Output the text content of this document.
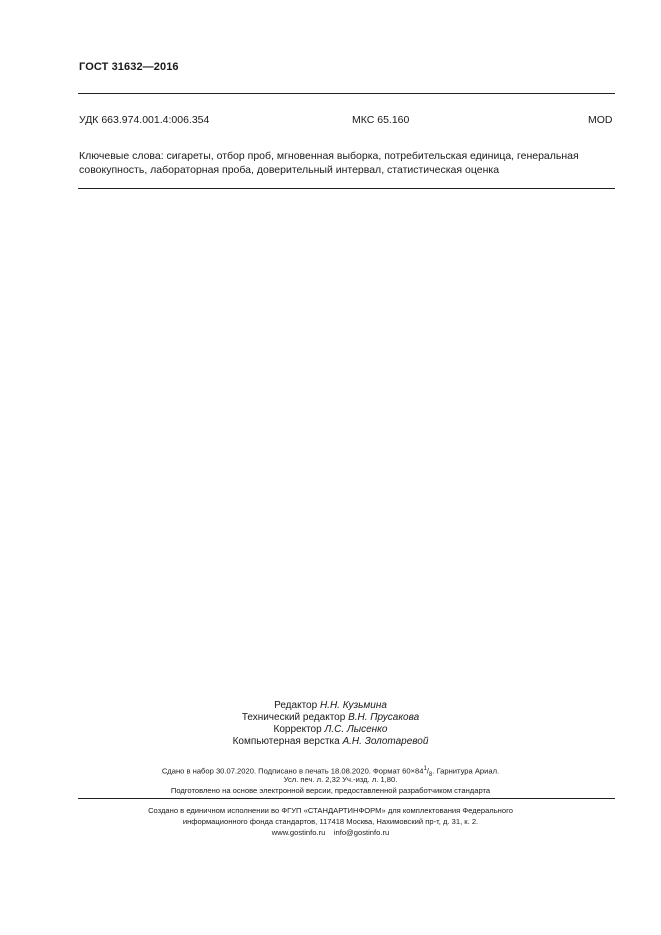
ГОСТ 31632—2016
УДК 663.974.001.4:006.354	МКС 65.160	MOD
Ключевые слова: сигареты, отбор проб, мгновенная выборка, потребительская единица, генеральная совокупность, лабораторная проба, доверительный интервал, статистическая оценка
Редактор Н.Н. Кузьмина
Технический редактор В.Н. Прусакова
Корректор Л.С. Лысенко
Компьютерная верстка А.Н. Золотаревой
Сдано в набор 30.07.2020. Подписано в печать 18.08.2020. Формат $60\times 84^1/_8$. Гарнитура Ариал.
Усл. печ. л. 2,32 Уч.-изд. л. 1,80.
Подготовлено на основе электронной версии, предоставленной разработчиком стандарта
Создано в единичном исполнении во ФГУП «СТАНДАРТИНФОРМ» для комплектования Федерального
информационного фонда стандартов, 117418 Москва, Нахимовский пр-т, д. 31, к. 2.
www.gostinfo.ru info@gostinfo.ru
